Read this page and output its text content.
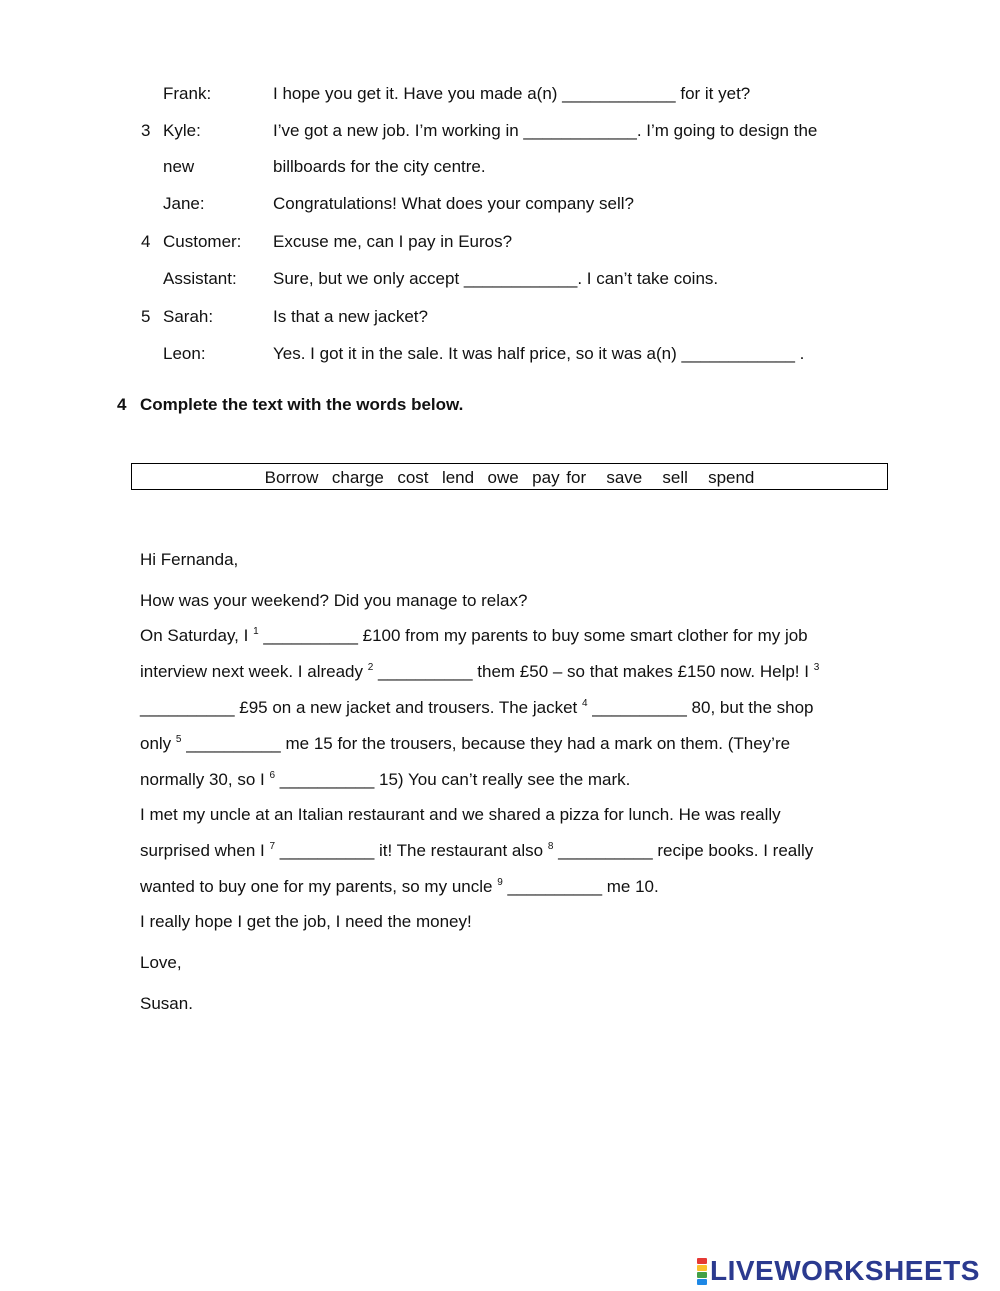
Frank:	I hope you get it. Have you made a(n) ____________ for it yet?
3 Kyle:	I’ve got a new job. I’m working in ____________. I’m going to design the
new	billboards for the city centre.
Jane:	Congratulations! What does your company sell?
4 Customer: Excuse me, can I pay in Euros?
Assistant: Sure, but we only accept ____________. I can’t take coins.
5 Sarah:	Is that a new jacket?
Leon:	Yes. I got it in the sale. It was half price, so it was a(n) ____________ .
4 Complete the text with the words below.
Borrow  charge  cost  lend  owe  pay for   save   sell   spend
Hi Fernanda,
How was your weekend? Did you manage to relax?
On Saturday, I $^1$ __________ £100 from my parents to buy some smart clother for my job
interview next week. I already $^2$ __________ them £50 – so that makes £150 now. Help! I $^3$
__________ £95 on a new jacket and trousers. The jacket $^4$ __________ 80, but the shop
only $^5$ __________ me 15 for the trousers, because they had a mark on them. (They’re
normally 30, so I $^6$ __________ 15) You can’t really see the mark.
I met my uncle at an Italian restaurant and we shared a pizza for lunch. He was really
surprised when I $^7$ __________ it! The restaurant also $^8$ __________ recipe books. I really
wanted to buy one for my parents, so my uncle $^9$ __________ me 10.
I really hope I get the job, I need the money!
Love,
Susan.
LIVEWORKSHEETS
